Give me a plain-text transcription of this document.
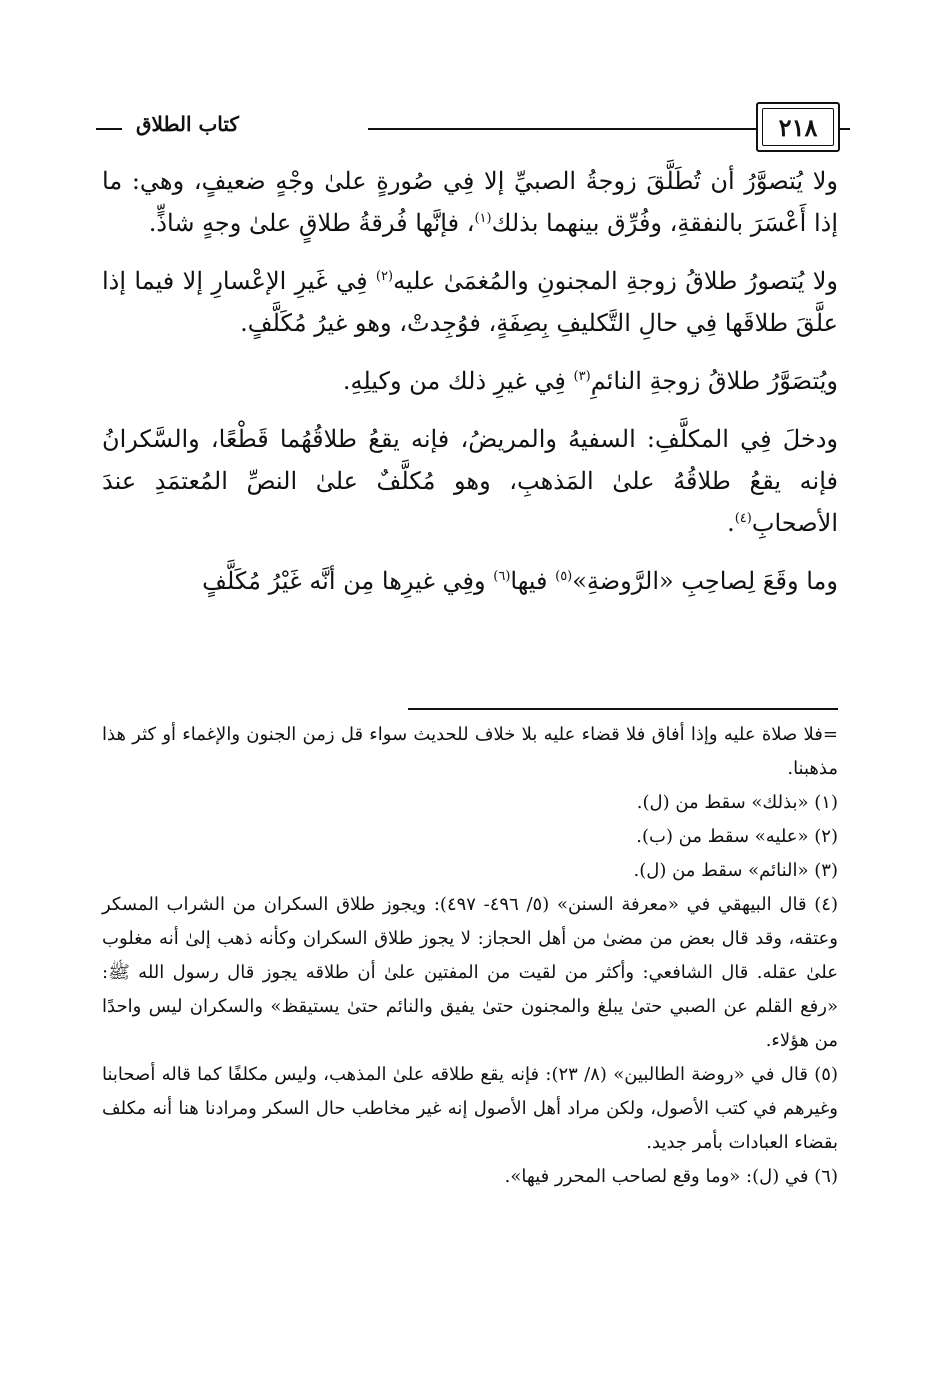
٢١٨
كتاب الطلاق

ولا يُتصوَّرُ أن تُطَلَّقَ زوجةُ الصبيِّ إلا فِي صُورةٍ علىٰ وجْهٍ ضعيفٍ، وهي: ما إذا أَعْسَرَ بالنفقةِ، وفُرِّق بينهما بذلك$^{(١)}$، فإنَّها فُرقةُ طلاقٍ علىٰ وجهٍ شاذٍّ.

ولا يُتصورُ طلاقُ زوجةِ المجنونِ والمُغمَىٰ عليه$^{(٢)}$ فِي غَيرِ الإعْسارِ إلا فيما إذا علَّقَ طلاقَها فِي حالِ التَّكليفِ بِصِفَةٍ، فوُجِدتْ، وهو غيرُ مُكَلَّفٍ.

ويُتصَوَّرُ طلاقُ زوجةِ النائمِ$^{(٣)}$ فِي غيرِ ذلك من وكيلِهِ.

ودخلَ فِي المكلَّفِ: السفيهُ والمريضُ، فإنه يقعُ طلاقُهُما قَطْعًا، والسَّكرانُ فإنه يقعُ طلاقُهُ علىٰ المَذهبِ، وهو مُكلَّفٌ علىٰ النصِّ المُعتمَدِ عندَ الأصحابِ$^{(٤)}$.

وما وقَعَ لِصاحِبِ «الرَّوضةِ»$^{(٥)}$ فيها$^{(٦)}$ وفِي غيرِها مِن أنَّه غَيْرُ مُكَلَّفٍ

=فلا صلاة عليه وإذا أفاق فلا قضاء عليه بلا خلاف للحديث سواء قل زمن الجنون والإغماء أو كثر هذا مذهبنا.

(١) «بذلك» سقط من (ل).

(٢) «عليه» سقط من (ب).

(٣) «النائم» سقط من (ل).

(٤) قال البيهقي في «معرفة السنن» (٥/ ٤٩٦- ٤٩٧): ويجوز طلاق السكران من الشراب المسكر وعتقه، وقد قال بعض من مضىٰ من أهل الحجاز: لا يجوز طلاق السكران وكأنه ذهب إلىٰ أنه مغلوب علىٰ عقله. قال الشافعي: وأكثر من لقيت من المفتين علىٰ أن طلاقه يجوز قال رسول الله ﷺ: «رفع القلم عن الصبي حتىٰ يبلغ والمجنون حتىٰ يفيق والنائم حتىٰ يستيقظ» والسكران ليس واحدًا من هؤلاء.

(٥) قال في «روضة الطالبين» (٨/ ٢٣): فإنه يقع طلاقه علىٰ المذهب، وليس مكلفًا كما قاله أصحابنا وغيرهم في كتب الأصول، ولكن مراد أهل الأصول إنه غير مخاطب حال السكر ومرادنا هنا أنه مكلف بقضاء العبادات بأمر جديد.

(٦) في (ل): «وما وقع لصاحب المحرر فيها».
